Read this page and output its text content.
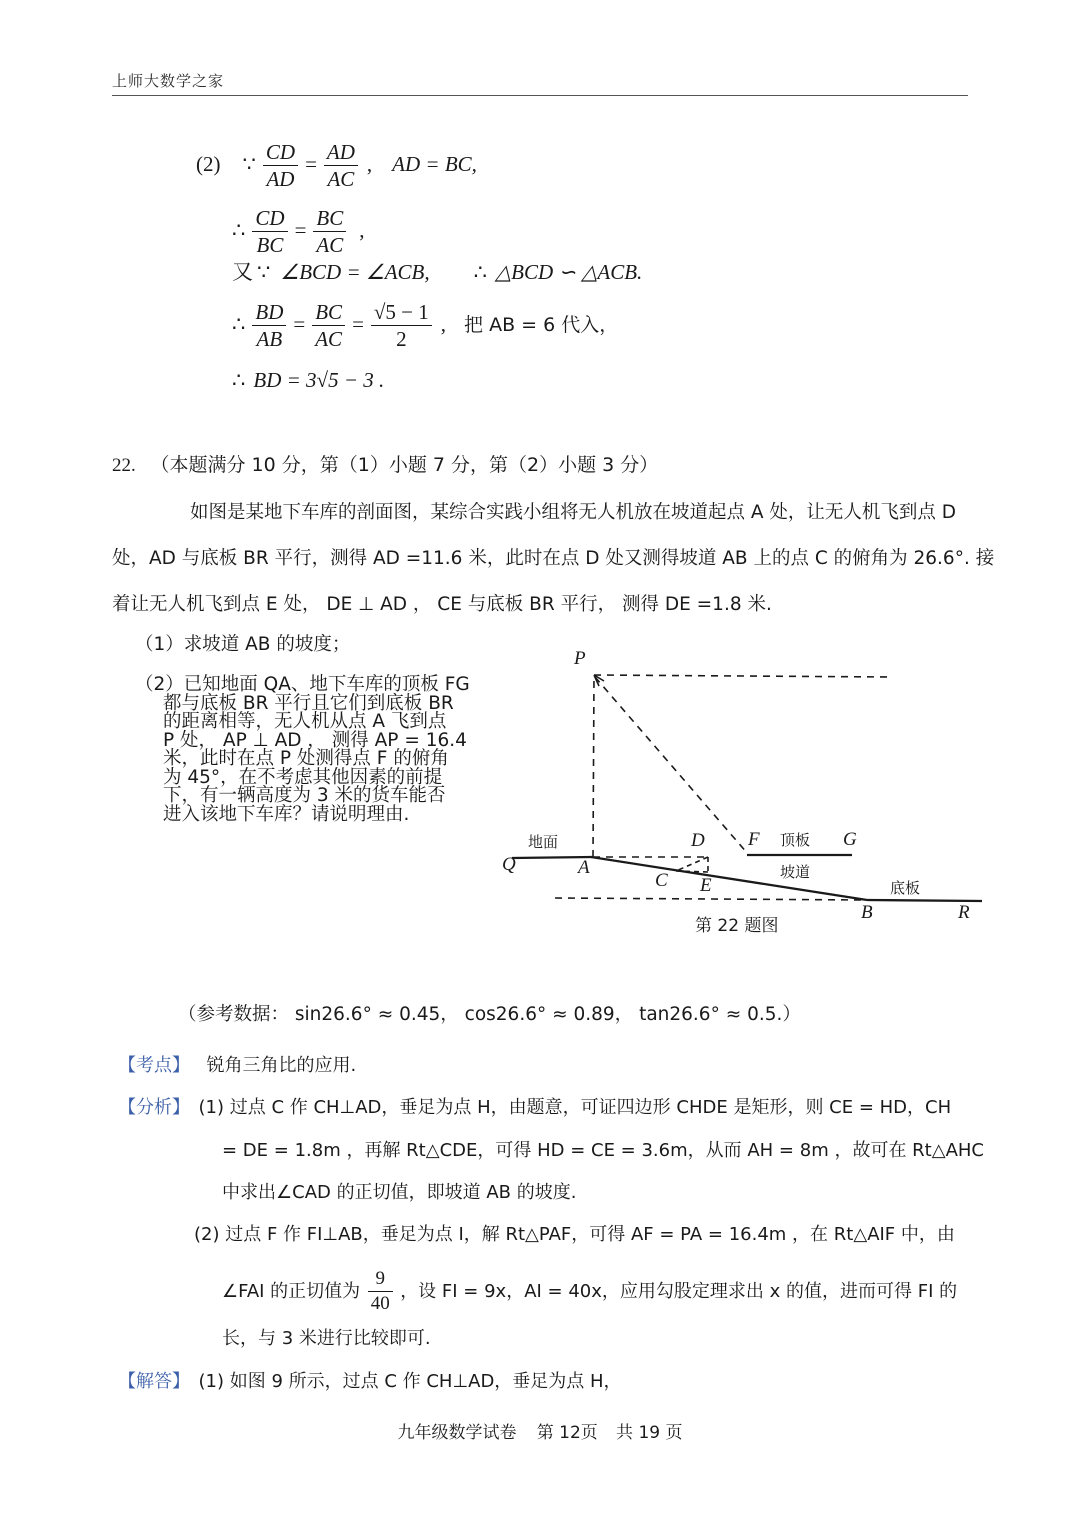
上师大数学之家
(2) ∵ $\frac{CD}{AD} = \frac{AD}{AC}$ , AD = BC,
∴ $\frac{CD}{BC} = \frac{BC}{AC}$ ,
又 ∵ ∠BCD = ∠ACB, ∴ △BCD ∽ △ACB.
∴ $\frac{BD}{AB} = \frac{BC}{AC} = \frac{√5 - 1}{2}$ , 把 AB = 6 代入，
∴ BD = 3√5 − 3 .
22. （本题满分 10 分，第（1）小题 7 分，第（2）小题 3 分）
如图是某地下车库的剖面图，某综合实践小组将无人机放在坡道起点 A 处，让无人机飞到点 D
处，AD 与底板 BR 平行，测得 AD =11.6 米，此时在点 D 处又测得坡道 AB 上的点 C 的俯角为 26.6°. 接
着让无人机飞到点 E 处， DE ⊥ AD ， CE 与底板 BR 平行， 测得 DE =1.8 米.
（1）求坡道 AB 的坡度；
（2）已知地面 QA、地下车库的顶板 FG
都与底板 BR 平行且它们到底板 BR
的距离相等，无人机从点 A 飞到点
P 处， AP ⊥ AD ， 测得 AP = 16.4
米，此时在点 P 处测得点 F 的俯角
为 45°，在不考虑其他因素的前提
下，有一辆高度为 3 米的货车能否
进入该地下车库？请说明理由.
（参考数据： sin26.6° ≈ 0.45， cos26.6° ≈ 0.89， tan26.6° ≈ 0.5.）
P
Q	A
D
C E
F	G
B	R
地面	顶板
坡道
底板
第 22 题图
【考点】 锐角三角比的应用.
【分析】 (1) 过点 C 作 CH⊥AD，垂足为点 H，由题意，可证四边形 CHDE 是矩形，则 CE = HD，CH
= DE = 1.8m ，再解 Rt△CDE，可得 HD = CE = 3.6m，从而 AH = 8m ，故可在 Rt△AHC
中求出∠CAD 的正切值，即坡道 AB 的坡度.
(2) 过点 F 作 FI⊥AB，垂足为点 I，解 Rt△PAF，可得 AF = PA = 16.4m ，在 Rt△AIF 中，由
∠FAI 的正切值为 $\frac{9}{40}$ ，设 FI = 9x，AI = 40x，应用勾股定理求出 x 的值，进而可得 FI 的
长，与 3 米进行比较即可.
【解答】 (1) 如图 9 所示，过点 C 作 CH⊥AD，垂足为点 H，
九年级数学试卷 第 12页 共 19 页
